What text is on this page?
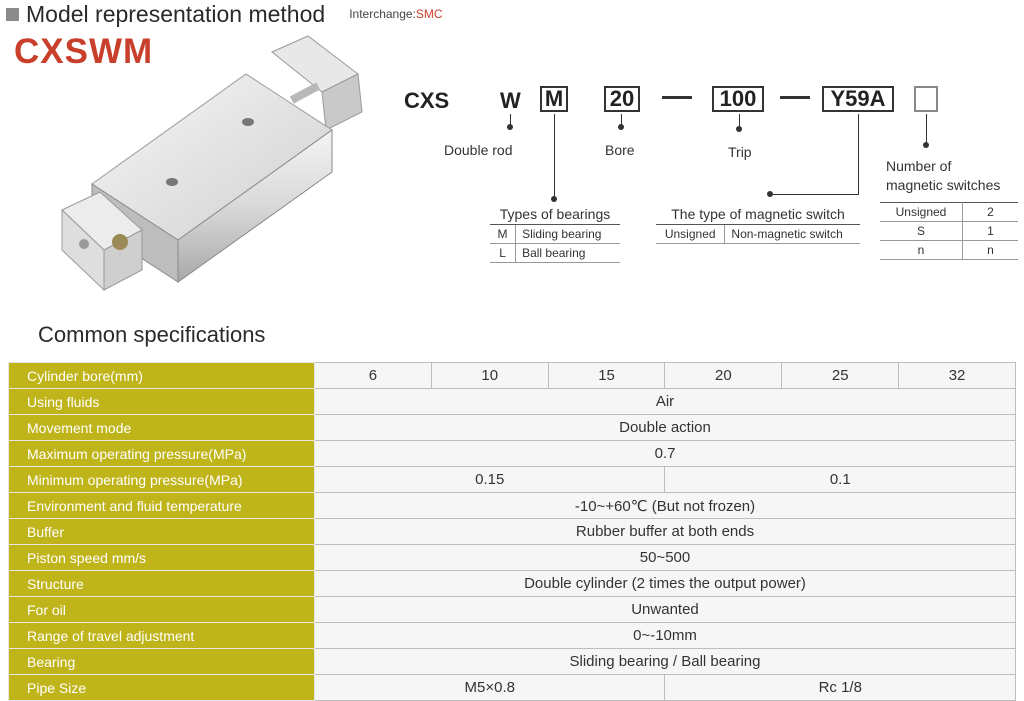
Model representation method Interchange:SMC
CXSWM
CXS W M 20	100	Y59A
Double rod	Bore	Trip
Number of
magnetic switches
Types of bearings	
M	Sliding bearing
L	Ball bearing
The type of magnetic switch
Unsigned	Non-magnetic switch
Unsigned	2
S	1
n	n
Common specifications
Cylinder bore(mm)	6	10	15	20	25	32
Using fluids	Air					
Movement mode	Double action					
Maximum operating pressure(MPa)	0.7					
Minimum operating pressure(MPa)	0.15			0.1		
Environment and fluid temperature	-10~+60℃ (But not frozen)					
Buffer	Rubber buffer at both ends					
Piston speed mm/s	50~500					
Structure	Double cylinder (2 times the output power)					
For oil	Unwanted					
Range of travel adjustment	0~-10mm					
Bearing	Sliding bearing / Ball bearing					
Pipe Size	M5×0.8			Rc 1/8		
